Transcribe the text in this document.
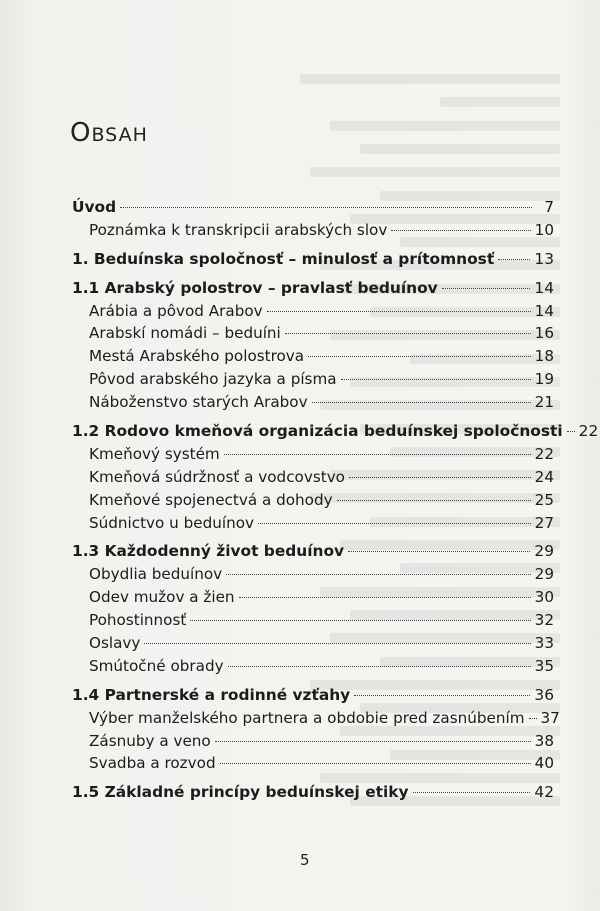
OBSAH
Úvod	7
Poznámka k transkripcii arabských slov	10
1. Beduínska spoločnosť – minulosť a prítomnosť	13
1.1 Arabský polostrov – pravlasť beduínov	14
Arábia a pôvod Arabov	14
Arabskí nomádi – beduíni	16
Mestá Arabského polostrova	18
Pôvod arabského jazyka a písma	19
Náboženstvo starých Arabov	21
1.2 Rodovo kmeňová organizácia beduínskej spoločnosti 22
Kmeňový systém	22
Kmeňová súdržnosť a vodcovstvo	24
Kmeňové spojenectvá a dohody	25
Súdnictvo u beduínov	27
1.3 Každodenný život beduínov	29
Obydlia beduínov	29
Odev mužov a žien	30
Pohostinnosť	32
Oslavy	33
Smútočné obrady	35
1.4 Partnerské a rodinné vzťahy	36
Výber manželského partnera a obdobie pred zasnúbením 37
Zásnuby a veno	38
Svadba a rozvod	40
1.5 Základné princípy beduínskej etiky	42
5
